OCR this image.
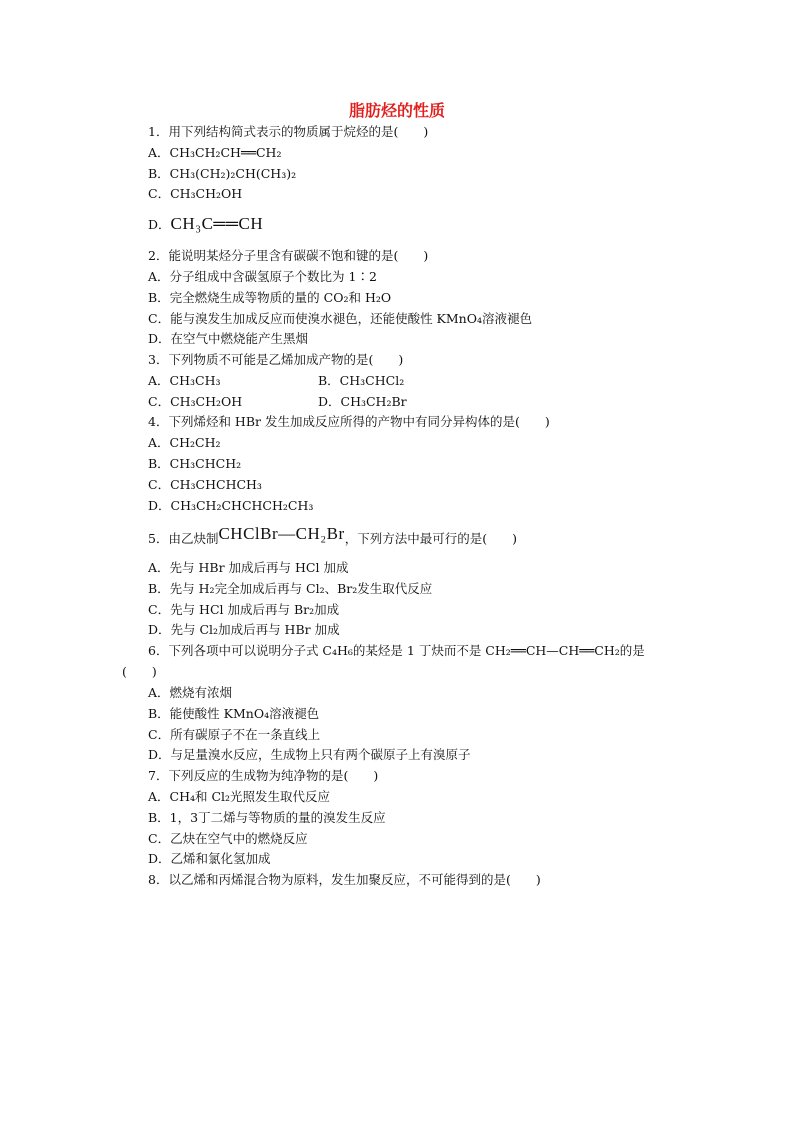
脂肪烃的性质
1．用下列结构简式表示的物质属于烷烃的是(　　)
A．CH₃CH₂CH══CH₂
B．CH₃(CH₂)₂CH(CH₃)₂
C．CH₃CH₂OH
D．CH₃C══CH
2．能说明某烃分子里含有碳碳不饱和键的是(　　)
A．分子组成中含碳氢原子个数比为 1∶2
B．完全燃烧生成等物质的量的 CO₂和 H₂O
C．能与溴发生加成反应而使溴水褪色，还能使酸性 KMnO₄溶液褪色
D．在空气中燃烧能产生黑烟
3．下列物质不可能是乙烯加成产物的是(　　)
A．CH₃CH₃	B．CH₃CHCl₂
C．CH₃CH₂OH	D．CH₃CH₂Br
4．下列烯烃和 HBr 发生加成反应所得的产物中有同分异构体的是(　　)
A．CH₂CH₂
B．CH₃CHCH₂
C．CH₃CHCHCH₃
D．CH₃CH₂CHCHCH₂CH₃
5．由乙炔制CHClBr—CH₂Br，下列方法中最可行的是(　　)
A．先与 HBr 加成后再与 HCl 加成
B．先与 H₂完全加成后再与 Cl₂、Br₂发生取代反应
C．先与 HCl 加成后再与 Br₂加成
D．先与 Cl₂加成后再与 HBr 加成
6．下列各项中可以说明分子式 C₄H₆的某烃是 1 丁炔而不是 CH₂══CH—CH══CH₂的是
(　　)
A．燃烧有浓烟
B．能使酸性 KMnO₄溶液褪色
C．所有碳原子不在一条直线上
D．与足量溴水反应，生成物上只有两个碳原子上有溴原子
7．下列反应的生成物为纯净物的是(　　)
A．CH₄和 Cl₂光照发生取代反应
B．1，3丁二烯与等物质的量的溴发生反应
C．乙炔在空气中的燃烧反应
D．乙烯和氯化氢加成
8．以乙烯和丙烯混合物为原料，发生加聚反应，不可能得到的是(　　)
